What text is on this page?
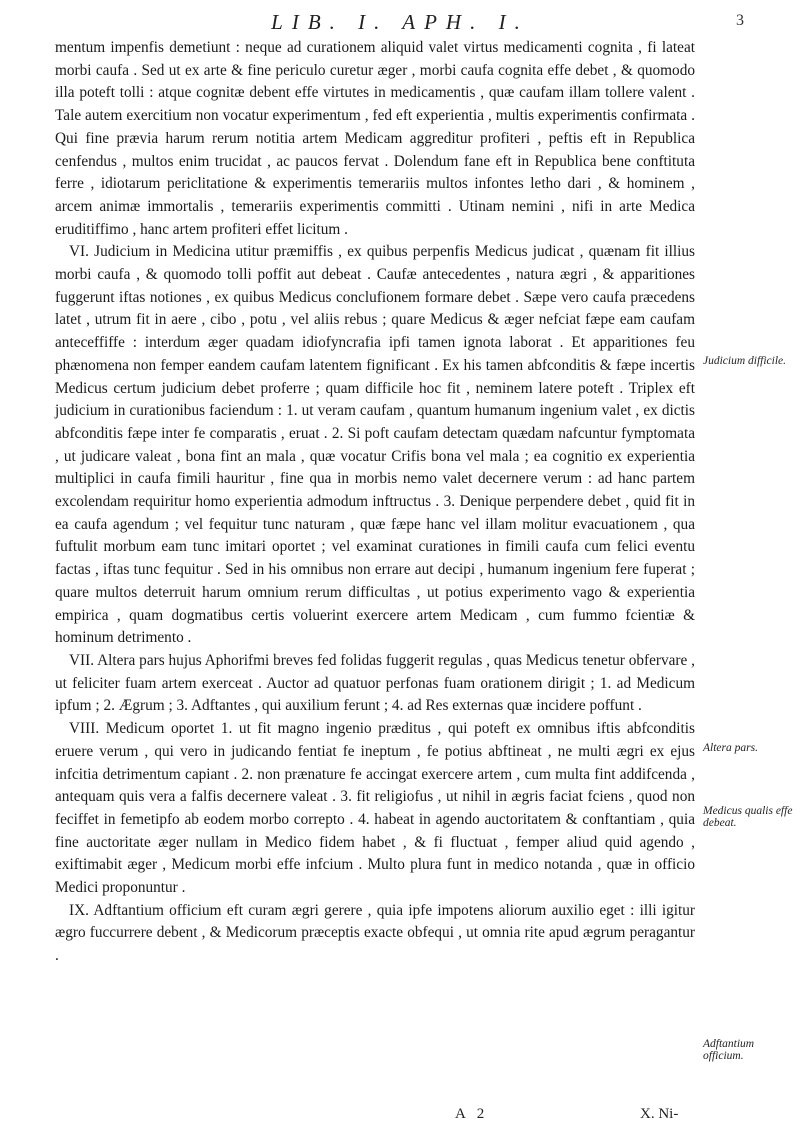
LIB. I. APH. I.	3

mentum impenfis demetiunt : neque ad curationem aliquid valet virtus medicamenti cognita , fi lateat morbi caufa . Sed ut ex arte & fine periculo curetur æger , morbi caufa cognita effe debet , & quomodo illa poteft tolli : atque cognitæ debent effe virtutes in medicamentis , quæ caufam illam tollere valent . Tale autem exercitium non vocatur experimentum , fed eft experientia , multis experimentis confirmata . Qui fine prævia harum rerum notitia artem Medicam aggreditur profiteri , peftis eft in Republica cenfendus , multos enim trucidat , ac paucos fervat . Dolendum fane eft in Republica bene conftituta ferre , idiotarum periclitatione & experimentis temerariis multos infontes letho dari , & hominem , arcem animæ immortalis , temerariis experimentis committi . Utinam nemini , nifi in arte Medica eruditiffimo , hanc artem profiteri effet licitum .

VI. Judicium in Medicina utitur præmiffis , ex quibus perpenfis Medicus judicat , quænam fit illius morbi caufa , & quomodo tolli poffit aut debeat . Caufæ antecedentes , natura ægri , & apparitiones fuggerunt iftas notiones , ex quibus Medicus conclufionem formare debet . Sæpe vero caufa præcedens latet , utrum fit in aere , cibo , potu , vel aliis rebus ; quare Medicus & æger nefciat fæpe eam caufam anteceffiffe : interdum æger quadam idiofyncrafia ipfi tamen ignota laborat . Et apparitiones feu phænomena non femper eandem caufam latentem fignificant . Ex his tamen abfconditis & fæpe incertis Medicus certum judicium debet proferre ; quam difficile hoc fit , neminem latere poteft . Triplex eft judicium in curationibus faciendum : 1. ut veram caufam , quantum humanum ingenium valet , ex dictis abfconditis fæpe inter fe comparatis , eruat . 2. Si poft caufam detectam quædam nafcuntur fymptomata , ut judicare valeat , bona fint an mala , quæ vocatur Crifis bona vel mala ; ea cognitio ex experientia multiplici in caufa fimili hauritur , fine qua in morbis nemo valet decernere verum : ad hanc partem excolendam requiritur homo experientia admodum inftructus . 3. Denique perpendere debet , quid fit in ea caufa agendum ; vel fequitur tunc naturam , quæ fæpe hanc vel illam molitur evacuationem , qua fuftulit morbum eam tunc imitari oportet ; vel examinat curationes in fimili caufa cum felici eventu factas , iftas tunc fequitur . Sed in his omnibus non errare aut decipi , humanum ingenium fere fuperat ; quare multos deterruit harum omnium rerum difficultas , ut potius experimento vago & experientia empirica , quam dogmatibus certis voluerint exercere artem Medicam , cum fummo fcientiæ & hominum detrimento .

VII. Altera pars hujus Aphorifmi breves fed folidas fuggerit regulas , quas Medicus tenetur obfervare , ut feliciter fuam artem exerceat . Auctor ad quatuor perfonas fuam orationem dirigit ; 1. ad Medicum ipfum ; 2. Ægrum ; 3. Adftantes , qui auxilium ferunt ; 4. ad Res externas quæ incidere poffunt .

VIII. Medicum oportet 1. ut fit magno ingenio præditus , qui poteft ex omnibus iftis abfconditis eruere verum , qui vero in judicando fentiat fe ineptum , fe potius abftineat , ne multi ægri ex ejus infcitia detrimentum capiant . 2. non prænature fe accingat exercere artem , cum multa fint addifcenda , antequam quis vera a falfis decernere valeat . 3. fit religiofus , ut nihil in ægris faciat fciens , quod non feciffet in femetipfo ab eodem morbo correpto . 4. habeat in agendo auctoritatem & conftantiam , quia fine auctoritate æger nullam in Medico fidem habet , & fi fluctuat , femper aliud quid agendo , exiftimabit æger , Medicum morbi effe infcium . Multo plura funt in medico notanda , quæ in officio Medici proponuntur .

IX. Adftantium officium eft curam ægri gerere , quia ipfe impotens aliorum auxilio eget : illi igitur ægro fuccurrere debent , & Medicorum præceptis exacte obfequi , ut omnia rite apud ægrum peragantur .

Judicium difficile.
Altera pars.
Medicus qualis effe debeat.
Adftantium officium.
A 2	X. Ni-
